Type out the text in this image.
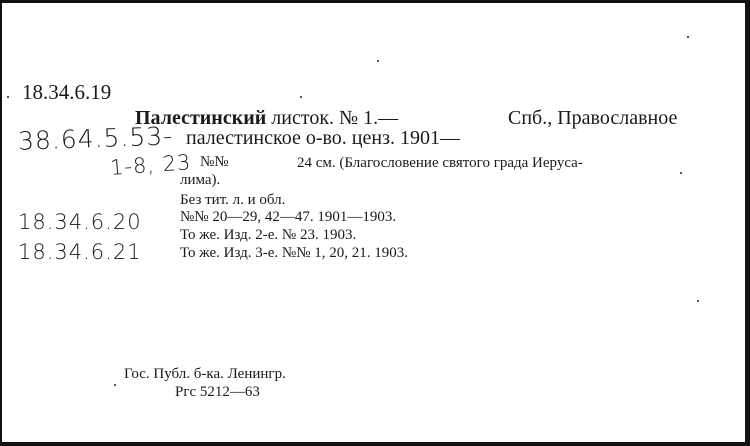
18.34.6.19
38.64.5.53-
1-8, 23
18.34.6.20
18.34.6.21
Палестинский листок. № 1.—	Спб., Православное
палестинское о-во. ценз. 1901—
№№	24 см. (Благословение святого града Иеруса-
лима).
Без тит. л. и обл.
№№ 20—29, 42—47. 1901—1903.
То же. Изд. 2-е. № 23. 1903.
То же. Изд. 3-е. №№ 1, 20, 21. 1903.
Гос. Публ. б-ка. Ленингр.
Ргс 5212—63
